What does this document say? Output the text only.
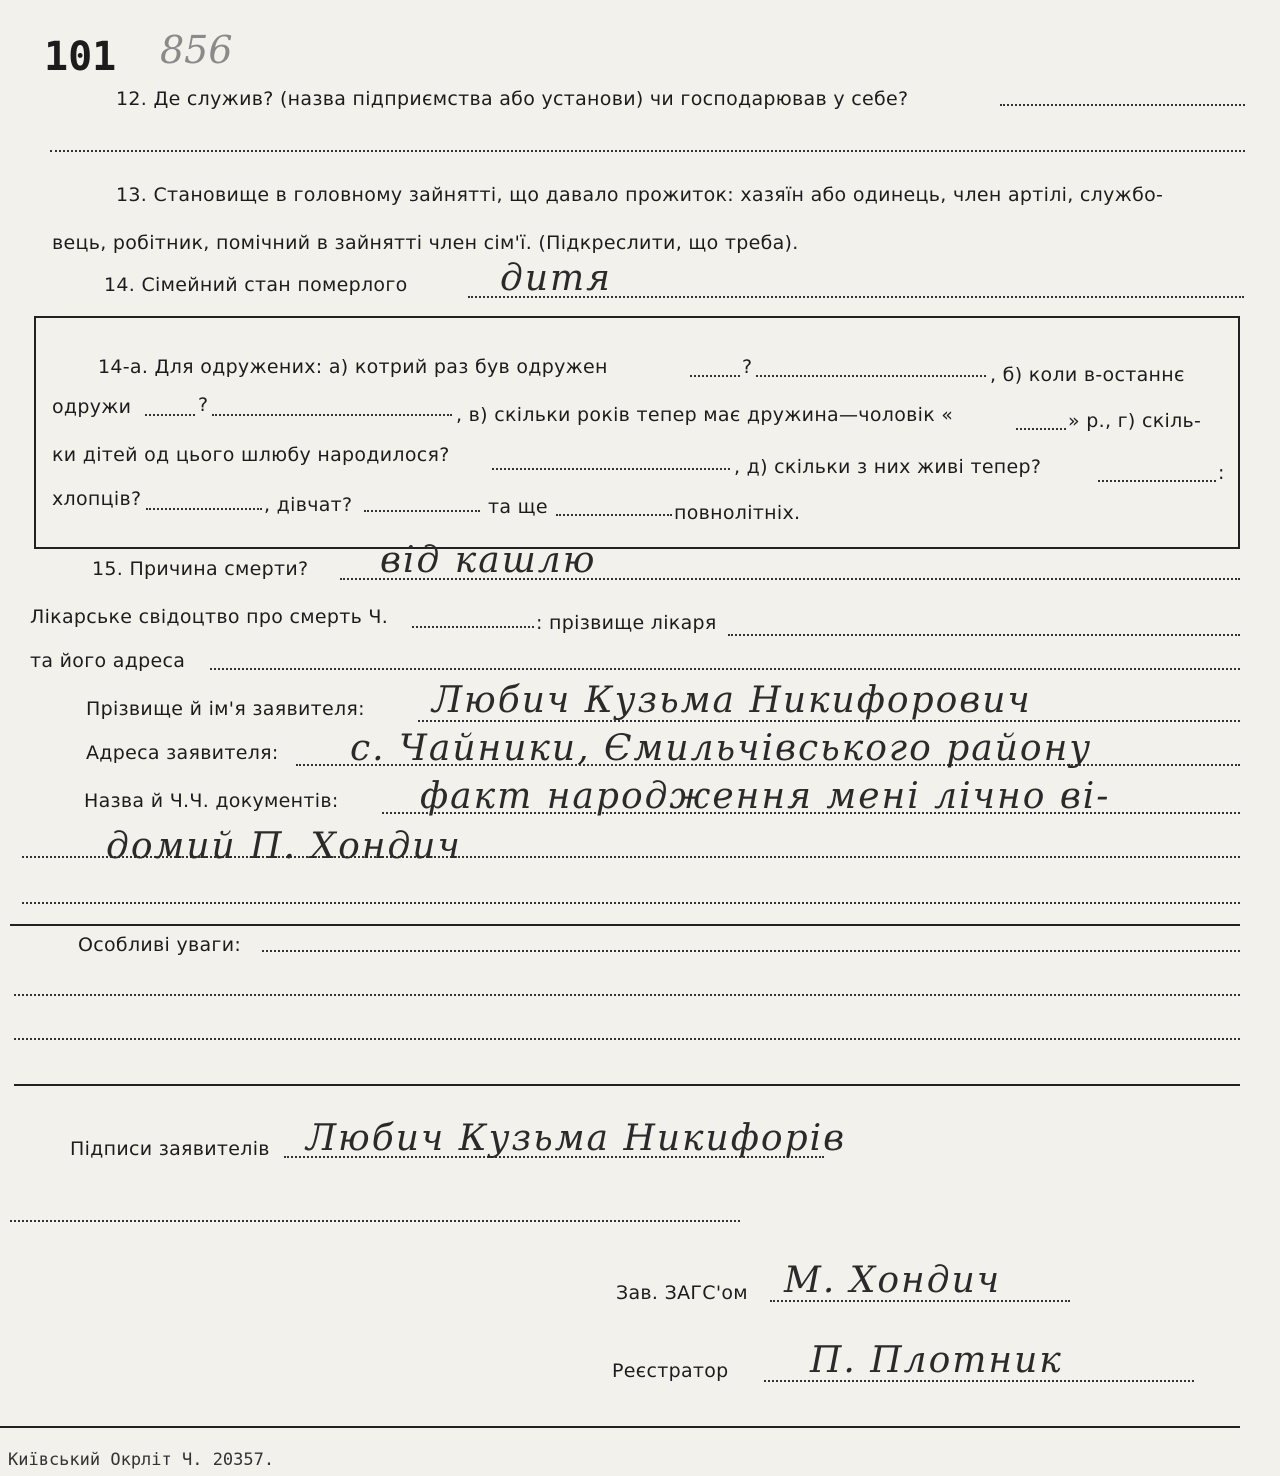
101 856
12. Де служив? (назва підприємства або установи) чи господарював у себе?
13. Становище в головному зайнятті, що давало прожиток: хазяїн або одинець, член артілі, службо-
вець, робітник, помічний в зайнятті член сім'ї. (Підкреслити, що треба).
14. Сімейний стан померлого	дитя
14-а. Для одружених: а) котрий раз був одружен	?	, б) коли в-останнє
одружи	?	, в) скільки років тепер має дружина—чоловік «	» р., г) скіль-
ки дітей од цього шлюбу народилося?
, д) скільки з них живі тепер?	:
хлопців?	, дівчат?	та ще	повнолітніх.
15. Причина смерти? від кашлю
Лікарське свідоцтво про смерть Ч.	: прізвище лікаря
та його адреса
Прізвище й ім'я заявителя: Любич Кузьма Никифорович
Адреса заявителя: с. Чайники, Ємильчівського району
Назва й Ч.Ч. документів: факт народження мені лічно ві-
домий П. Хондич
Особливі уваги:
Підписи заявителів Любич Кузьма Никифорів
Зав. ЗАГС'ом М. Хондич
Реєстратор П. Плотник
Київський Окрліт Ч. 20357.
